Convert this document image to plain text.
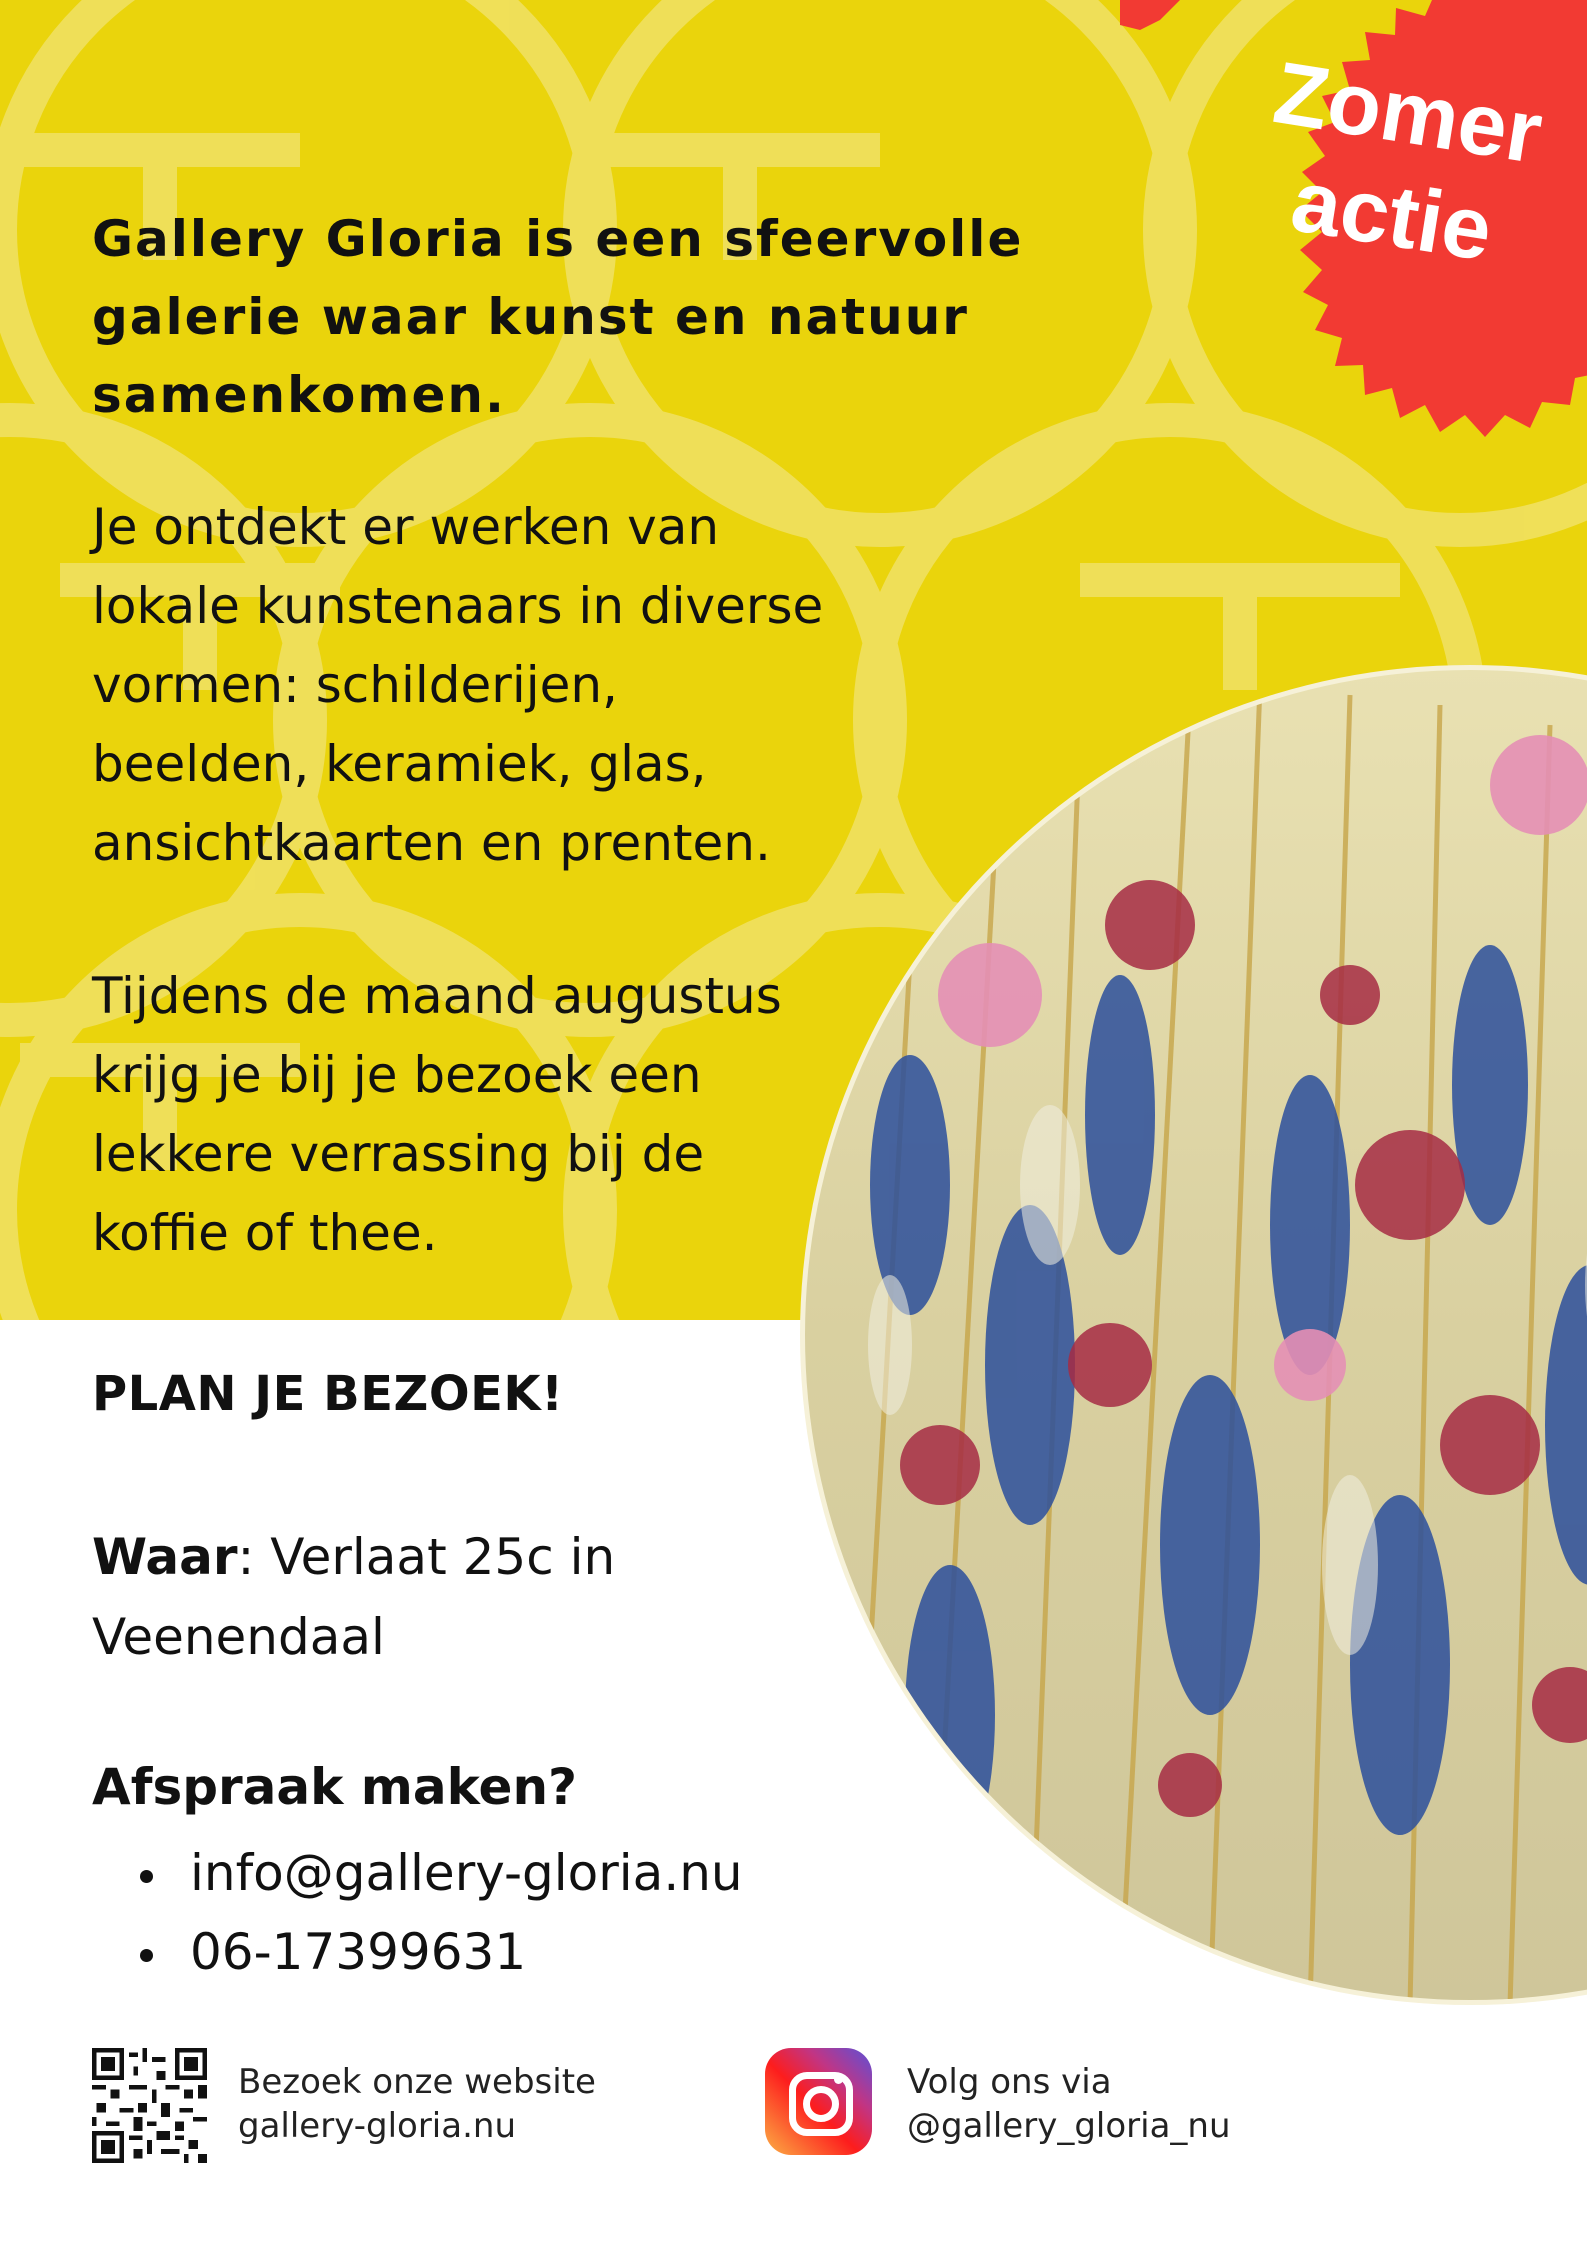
Gallery Gloria is een sfeervolle galerie waar kunst en natuur samenkomen.

Je ontdekt er werken van
lokale kunstenaars in diverse
vormen: schilderijen,
beelden, keramiek, glas,
ansichtkaarten en prenten.

Tijdens de maand augustus
krijg je bij je bezoek een
lekkere verrassing bij de
koffie of thee.

Zomer actie

PLAN JE BEZOEK!

Waar: Verlaat 25c in Veenendaal

Afspraak maken?

info@gallery-gloria.nu
06-17399631

Bezoek onze website

gallery-gloria.nu

Volg ons via

@gallery_gloria_nu
